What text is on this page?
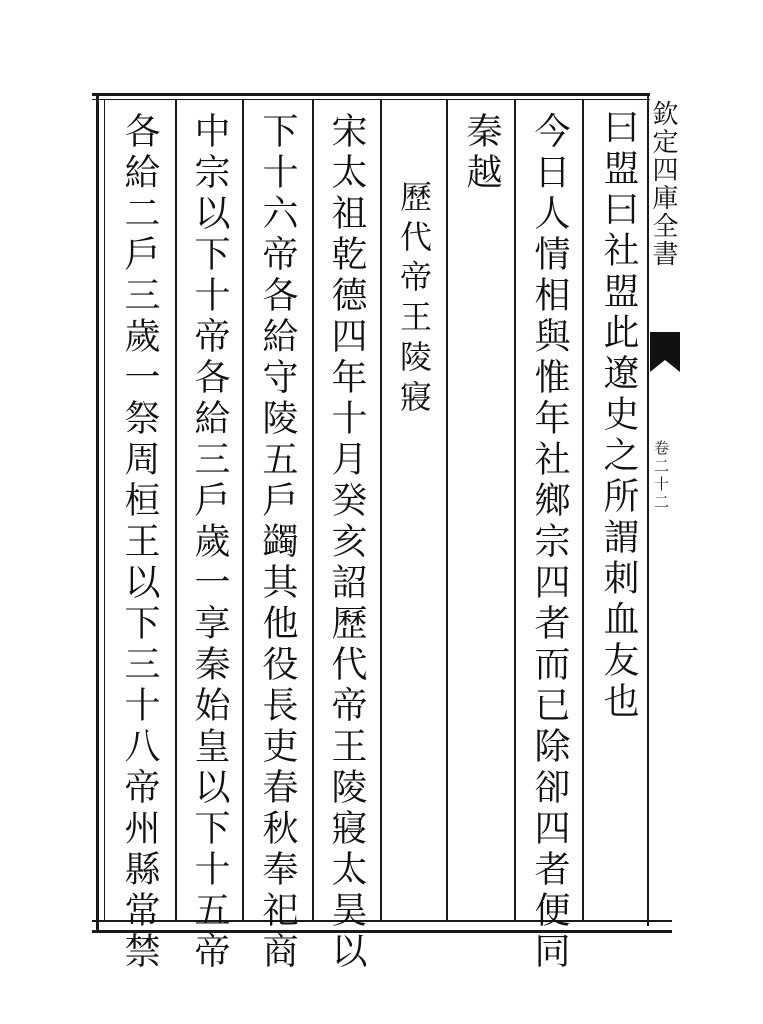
欽定四庫全書
卷二十二
曰盟曰社盟此遼史之所謂刺血友也
今日人情相與惟年社鄉宗四者而已除卻四者便同
秦越
歷代帝王陵寢
宋太祖乾德四年十月癸亥詔歷代帝王陵寢太昊以
下十六帝各給守陵五戶蠲其他役長吏春秋奉祀商
中宗以下十帝各給三戶歲一享秦始皇以下十五帝
各給二戶三歲一祭周桓王以下三十八帝州縣常禁
